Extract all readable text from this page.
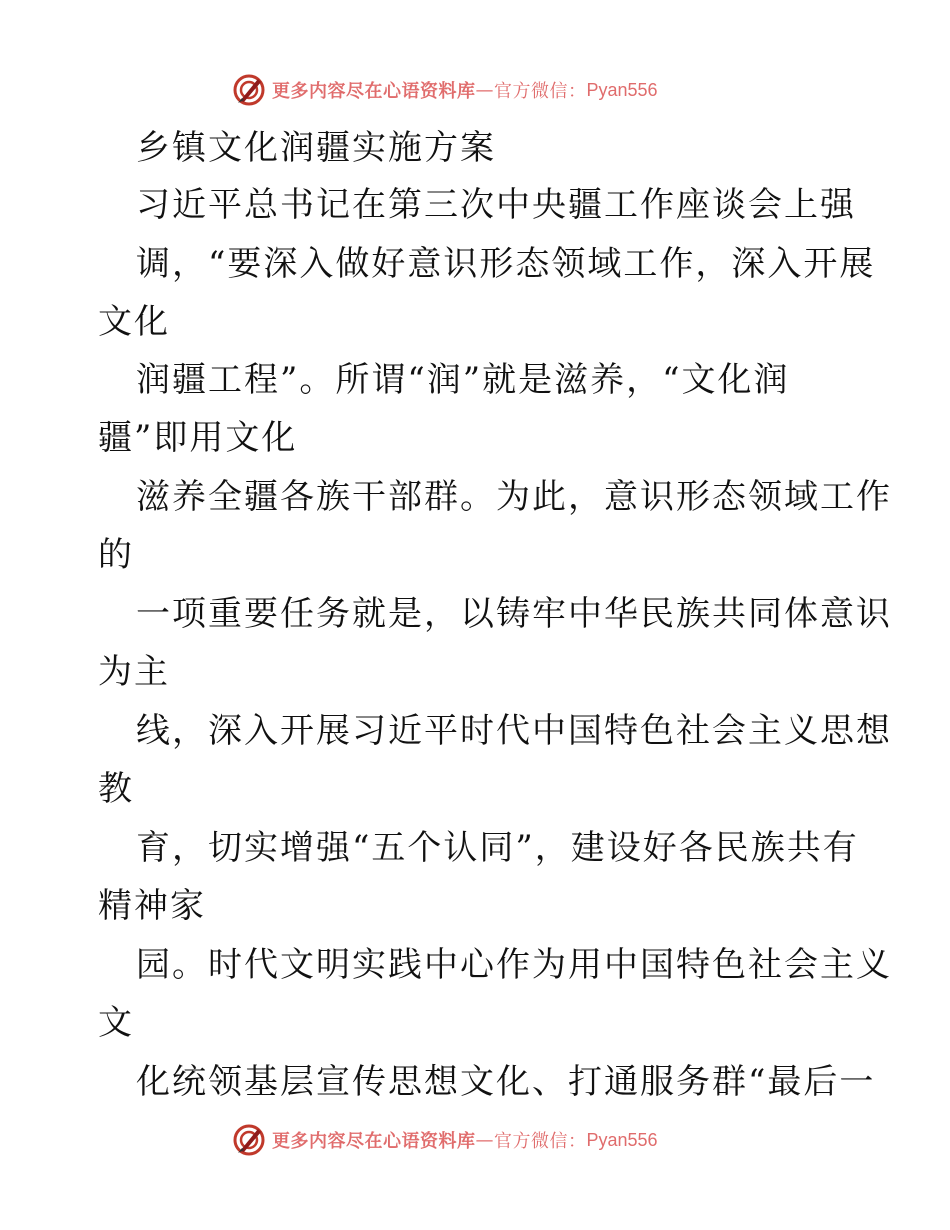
更多内容尽在心语资料库 — 官方微信： Pyan556
乡镇文化润疆实施方案
习近平总书记在第三次中央疆工作座谈会上强
调，“要深入做好意识形态领域工作，深入开展
文化
润疆工程”。所谓“润”就是滋养，“文化润
疆”即用文化
滋养全疆各族干部群。为此，意识形态领域工作
的
一项重要任务就是，以铸牢中华民族共同体意识
为主
线，深入开展习近平时代中国特色社会主义思想
教
育，切实增强“五个认同”，建设好各民族共有
精神家
园。时代文明实践中心作为用中国特色社会主义
文
化统领基层宣传思想文化、打通服务群“最后一
更多内容尽在心语资料库 — 官方微信： Pyan556
